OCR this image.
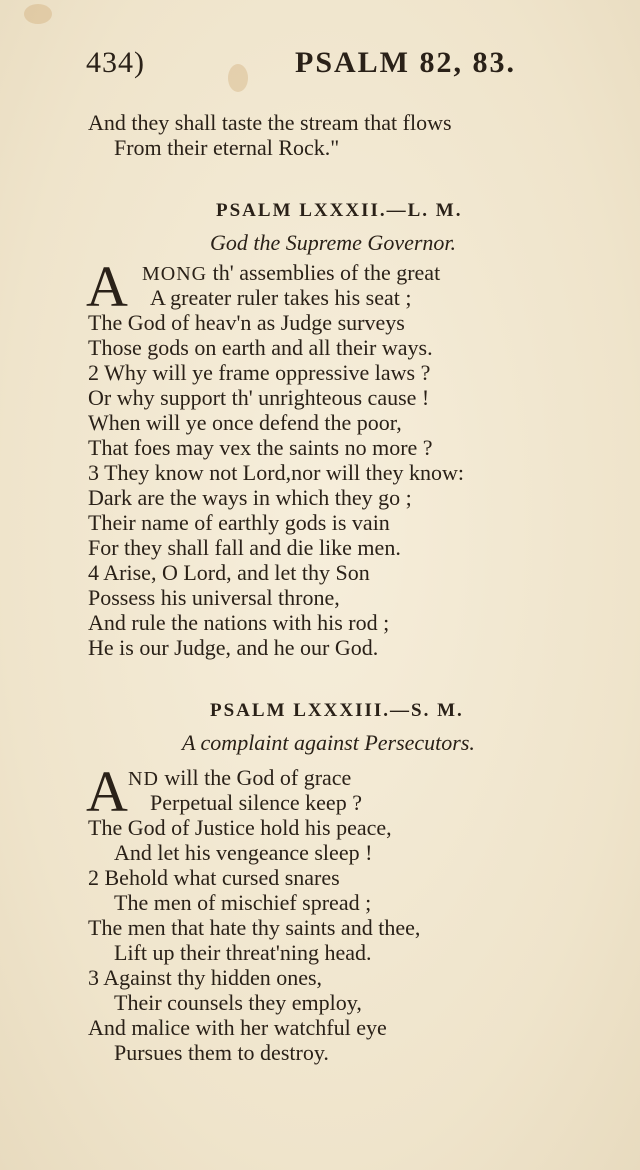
434)	PSALM 82, 83.
And they shall taste the stream that flows
From their eternal Rock."
PSALM LXXXII.—L. M.
God the Supreme Governor.
A MONG th' assemblies of the great
A greater ruler takes his seat ;
The God of heav'n as Judge surveys
Those gods on earth and all their ways.
2 Why will ye frame oppressive laws ?
Or why support th' unrighteous cause !
When will ye once defend the poor,
That foes may vex the saints no more ?
3 They know not Lord,nor will they know:
Dark are the ways in which they go ;
Their name of earthly gods is vain
For they shall fall and die like men.
4 Arise, O Lord, and let thy Son
Possess his universal throne,
And rule the nations with his rod ;
He is our Judge, and he our God.
PSALM LXXXIII.—S. M.
A complaint against Persecutors.
A ND will the God of grace
Perpetual silence keep ?
The God of Justice hold his peace,
And let his vengeance sleep !
2 Behold what cursed snares
The men of mischief spread ;
The men that hate thy saints and thee,
Lift up their threat'ning head.
3 Against thy hidden ones,
Their counsels they employ,
And malice with her watchful eye
Pursues them to destroy.
